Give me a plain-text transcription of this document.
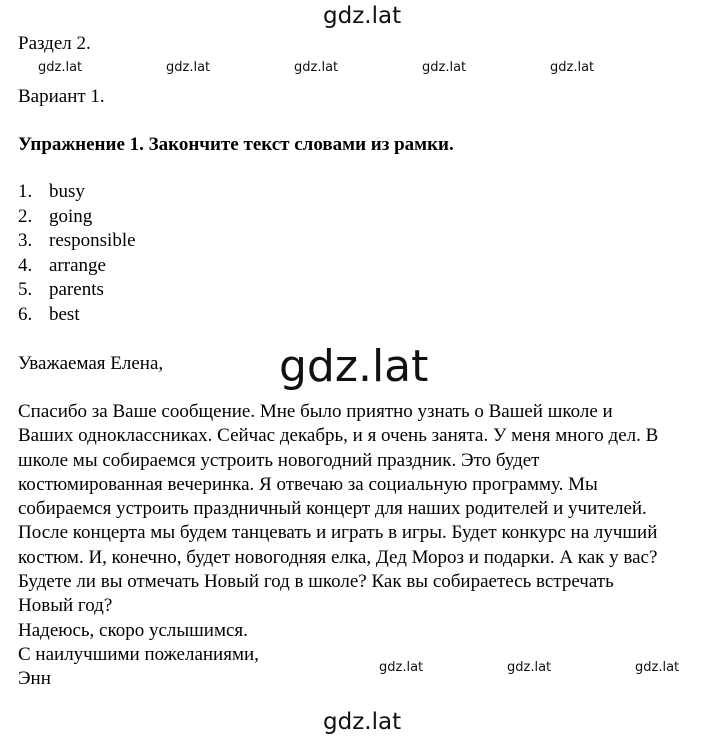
gdz.lat
gdz.lat	gdz.lat	gdz.lat	gdz.lat	gdz.lat
gdz.lat
gdz.lat	gdz.lat	gdz.lat
gdz.lat
Раздел 2.
Вариант 1.
Упражнение 1. Закончите текст словами из рамки.
1. busy
2. going
3. responsible
4. arrange
5. parents
6. best
Уважаемая Елена,
Спасибо за Ваше сообщение. Мне было приятно узнать о Вашей школе и
Ваших одноклассниках. Сейчас декабрь, и я очень занята. У меня много дел. В
школе мы собираемся устроить новогодний праздник. Это будет
костюмированная вечеринка. Я отвечаю за социальную программу. Мы
собираемся устроить праздничный концерт для наших родителей и учителей.
После концерта мы будем танцевать и играть в игры. Будет конкурс на лучший
костюм. И, конечно, будет новогодняя елка, Дед Мороз и подарки. А как у вас?
Будете ли вы отмечать Новый год в школе? Как вы собираетесь встречать
Новый год?
Надеюсь, скоро услышимся.
С наилучшими пожеланиями,
Энн
